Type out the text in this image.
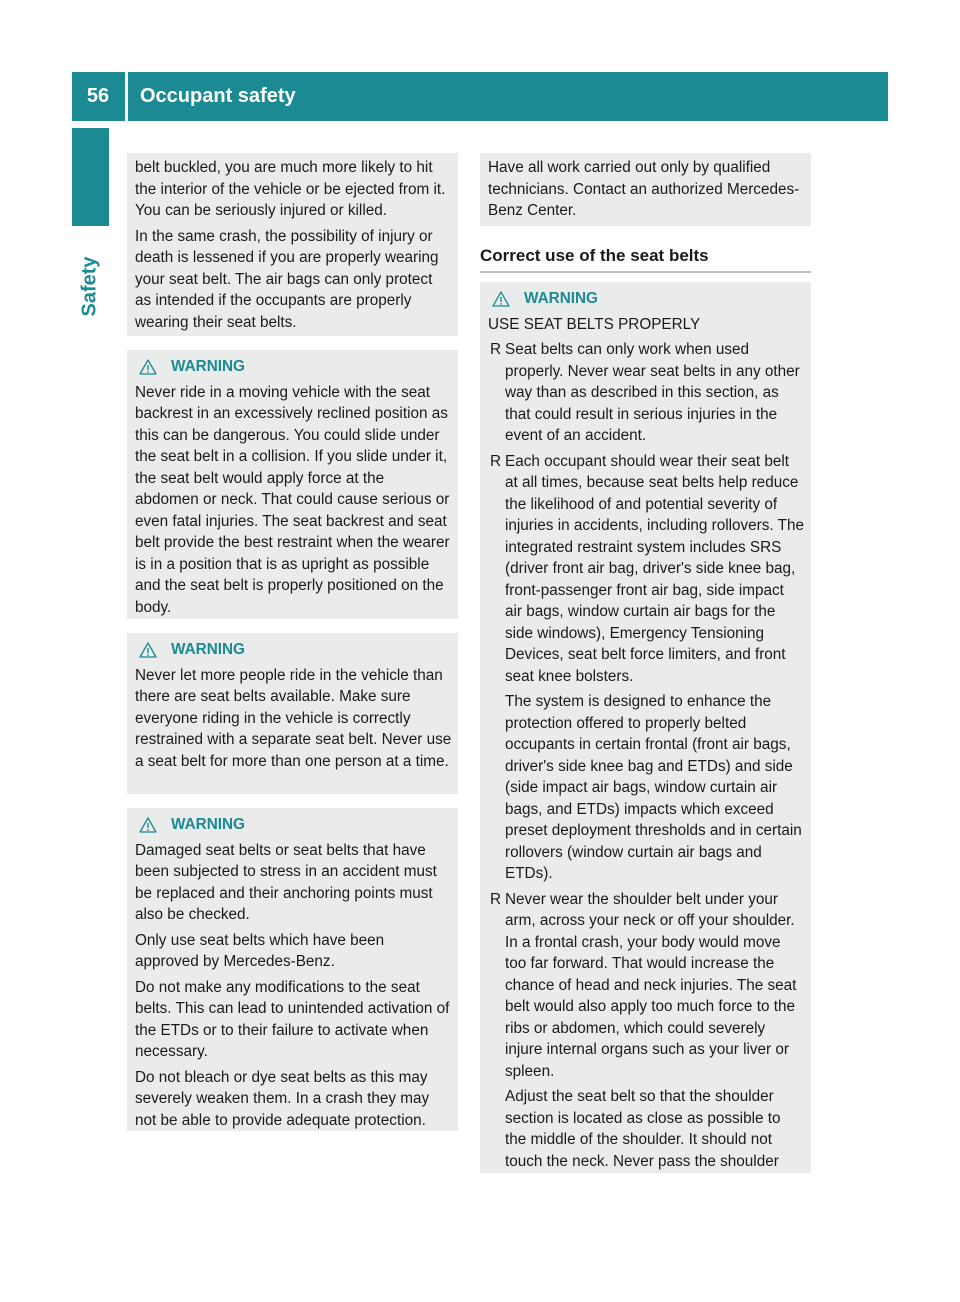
56	Occupant safety
Safety

belt buckled, you are much more likely to hit the interior of the vehicle or be ejected from it. You can be seriously injured or killed.

In the same crash, the possibility of injury or death is lessened if you are properly wearing your seat belt. The air bags can only protect as intended if the occupants are properly wearing their seat belts.

WARNING

Never ride in a moving vehicle with the seat backrest in an excessively reclined position as this can be dangerous. You could slide under the seat belt in a collision. If you slide under it, the seat belt would apply force at the abdomen or neck. That could cause serious or even fatal injuries. The seat backrest and seat belt provide the best restraint when the wearer is in a position that is as upright as possible and the seat belt is properly positioned on the body.

WARNING

Never let more people ride in the vehicle than there are seat belts available. Make sure everyone riding in the vehicle is correctly restrained with a separate seat belt. Never use a seat belt for more than one person at a time.

WARNING

Damaged seat belts or seat belts that have been subjected to stress in an accident must be replaced and their anchoring points must also be checked.

Only use seat belts which have been approved by Mercedes-Benz.

Do not make any modifications to the seat belts. This can lead to unintended activation of the ETDs or to their failure to activate when necessary.

Do not bleach or dye seat belts as this may severely weaken them. In a crash they may not be able to provide adequate protection.

Have all work carried out only by qualified technicians. Contact an authorized Mercedes-Benz Center.

Correct use of the seat belts
WARNING

USE SEAT BELTS PROPERLY

R Seat belts can only work when used properly. Never wear seat belts in any other way than as described in this section, as that could result in serious injuries in the event of an accident.
R Each occupant should wear their seat belt at all times, because seat belts help reduce the likelihood of and potential severity of injuries in accidents, including rollovers. The integrated restraint system includes SRS (driver front air bag, driver's side knee bag, front-passenger front air bag, side impact air bags, window curtain air bags for the side windows), Emergency Tensioning Devices, seat belt force limiters, and front seat knee bolsters.
The system is designed to enhance the protection offered to properly belted occupants in certain frontal (front air bags, driver's side knee bag and ETDs) and side (side impact air bags, window curtain air bags, and ETDs) impacts which exceed preset deployment thresholds and in certain rollovers (window curtain air bags and ETDs).
R Never wear the shoulder belt under your arm, across your neck or off your shoulder. In a frontal crash, your body would move too far forward. That would increase the chance of head and neck injuries. The seat belt would also apply too much force to the ribs or abdomen, which could severely injure internal organs such as your liver or spleen.
Adjust the seat belt so that the shoulder section is located as close as possible to the middle of the shoulder. It should not touch the neck. Never pass the shoulder
